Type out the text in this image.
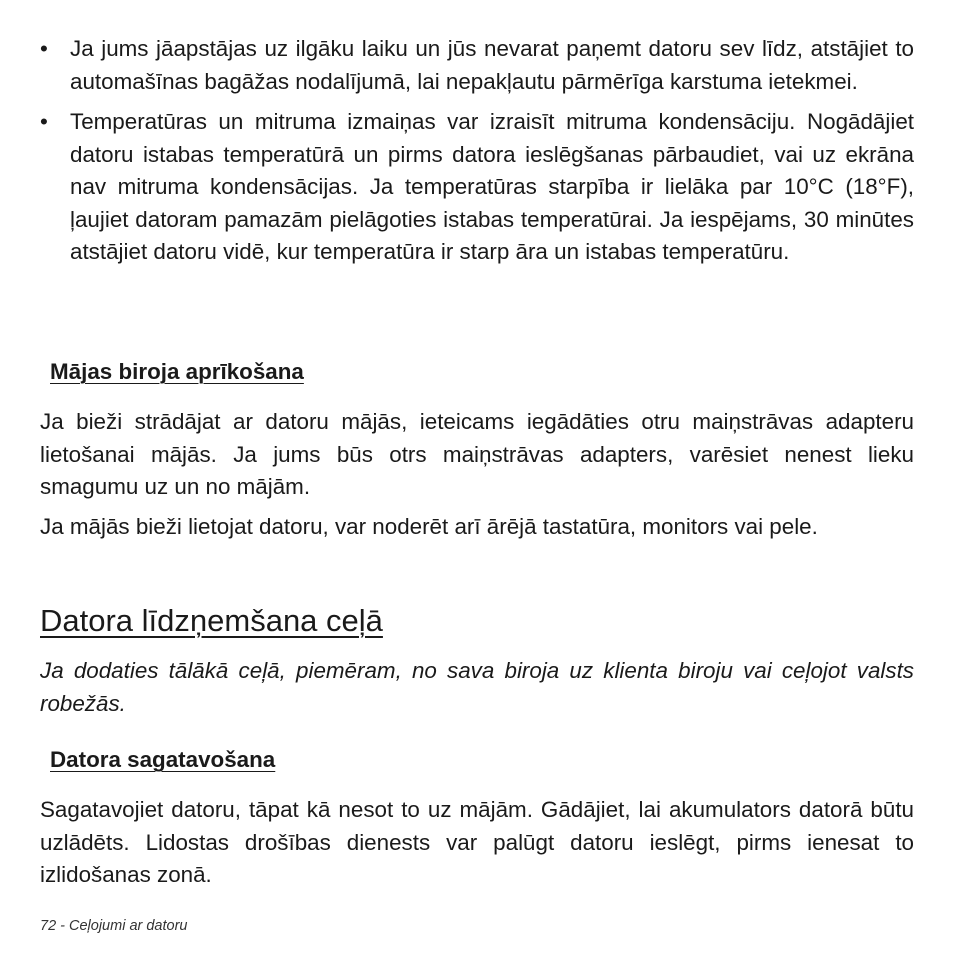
• Ja jums jāapstājas uz ilgāku laiku un jūs nevarat paņemt datoru sev līdz, atstājiet to automašīnas bagāžas nodalījumā, lai nepakļautu pārmērīga karstuma ietekmei.
• Temperatūras un mitruma izmaiņas var izraisīt mitruma kondensāciju. Nogādājiet datoru istabas temperatūrā un pirms datora ieslēgšanas pārbaudiet, vai uz ekrāna nav mitruma kondensācijas. Ja temperatūras starpība ir lielāka par 10°C (18°F), ļaujiet datoram pamazām pielāgoties istabas temperatūrai. Ja iespējams, 30 minūtes atstājiet datoru vidē, kur temperatūra ir starp āra un istabas temperatūru.
Mājas biroja aprīkošana

Ja bieži strādājat ar datoru mājās, ieteicams iegādāties otru maiņstrāvas adapteru lietošanai mājās. Ja jums būs otrs maiņstrāvas adapters, varēsiet nenest lieku smagumu uz un no mājām.

Ja mājās bieži lietojat datoru, var noderēt arī ārējā tastatūra, monitors vai pele.

Datora līdzņemšana ceļā

Ja dodaties tālākā ceļā, piemēram, no sava biroja uz klienta biroju vai ceļojot valsts robežās.

Datora sagatavošana

Sagatavojiet datoru, tāpat kā nesot to uz mājām. Gādājiet, lai akumulators datorā būtu uzlādēts. Lidostas drošības dienests var palūgt datoru ieslēgt, pirms ienesat to izlidošanas zonā.

72 - Ceļojumi ar datoru
